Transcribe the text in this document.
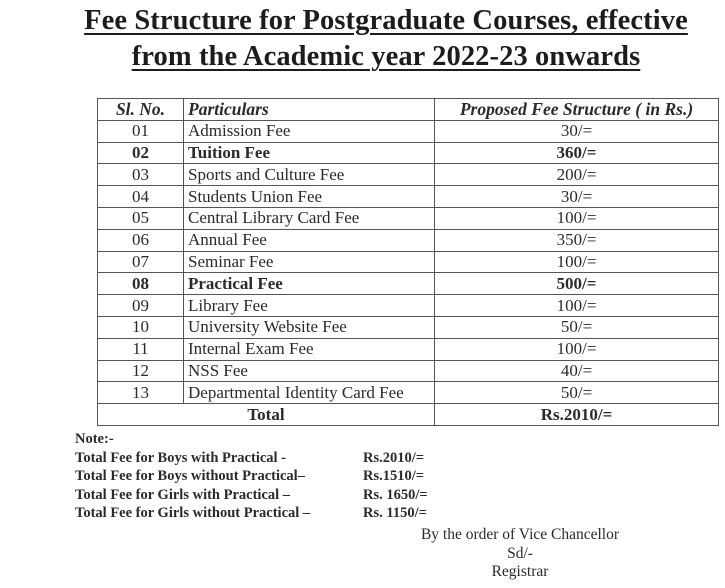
Fee Structure for Postgraduate Courses, effective
from the Academic year 2022-23 onwards
Sl. No.	Particulars	Proposed Fee Structure ( in Rs.)
01	Admission Fee	30/=
02	Tuition Fee	360/=
03	Sports and Culture Fee	200/=
04	Students Union Fee	30/=
05	Central Library Card Fee	100/=
06	Annual Fee	350/=
07	Seminar Fee	100/=
08	Practical Fee	500/=
09	Library Fee	100/=
10	University Website Fee	50/=
11	Internal Exam Fee	100/=
12	NSS Fee	40/=
13	Departmental Identity Card Fee	50/=
Total		Rs.2010/=
Note:-
Total Fee for Boys with Practical -	Rs.2010/=
Total Fee for Boys without Practical–	Rs.1510/=
Total Fee for Girls with Practical –	Rs. 1650/=
Total Fee for Girls without Practical –	Rs. 1150/=
By the order of Vice Chancellor
Sd/-
Registrar
